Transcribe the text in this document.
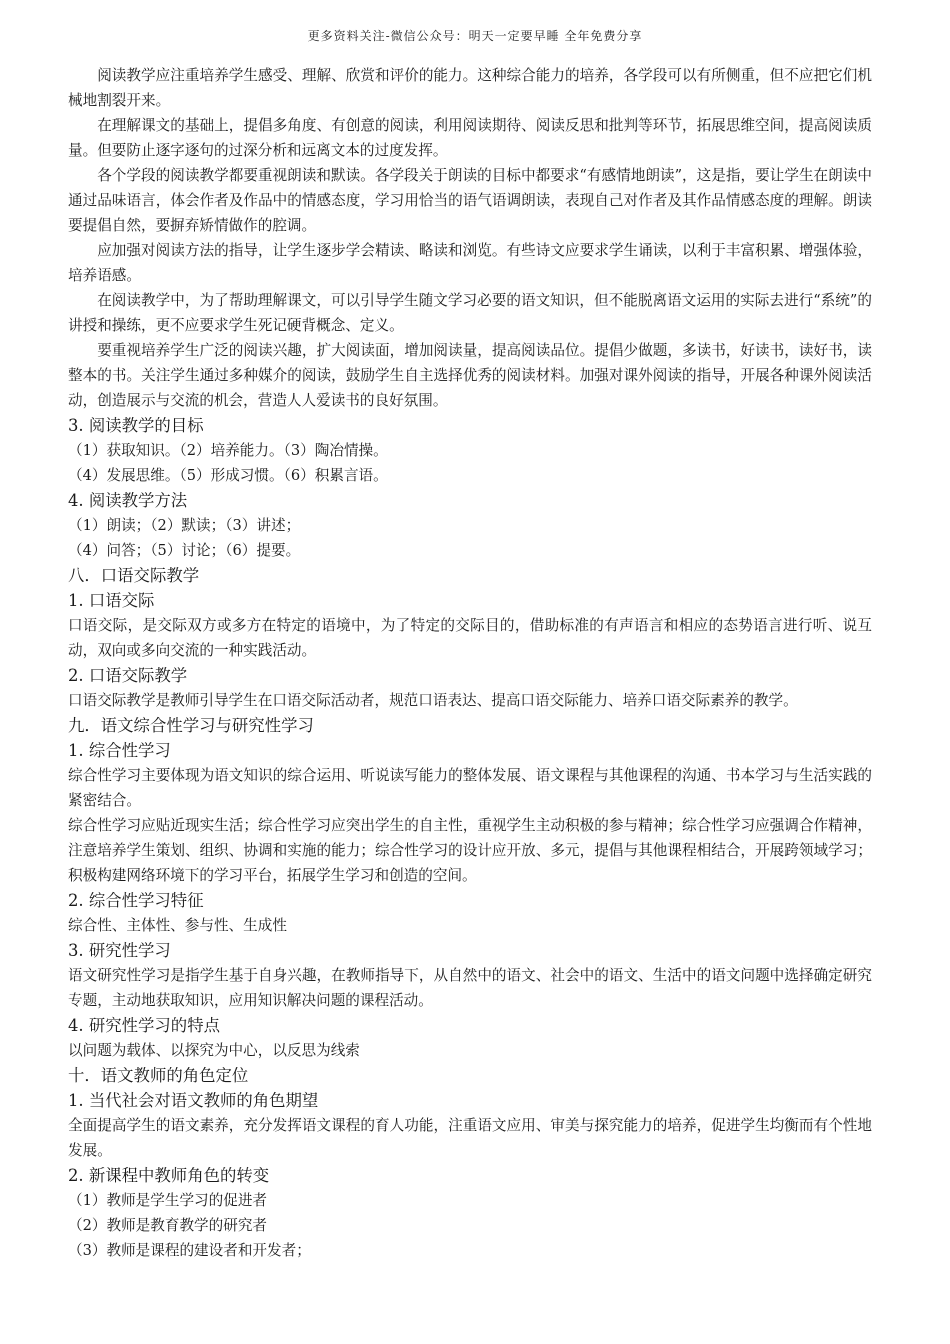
更多资料关注-微信公众号：明天一定要早睡 全年免费分享
阅读教学应注重培养学生感受、理解、欣赏和评价的能力。这种综合能力的培养，各学段可以有所侧重，但不应把它们机械地割裂开来。
在理解课文的基础上，提倡多角度、有创意的阅读，利用阅读期待、阅读反思和批判等环节，拓展思维空间，提高阅读质量。但要防止逐字逐句的过深分析和远离文本的过度发挥。
各个学段的阅读教学都要重视朗读和默读。各学段关于朗读的目标中都要求“有感情地朗读”，这是指，要让学生在朗读中通过品味语言，体会作者及作品中的情感态度，学习用恰当的语气语调朗读，表现自己对作者及其作品情感态度的理解。朗读要提倡自然，要摒弃矫情做作的腔调。
应加强对阅读方法的指导，让学生逐步学会精读、略读和浏览。有些诗文应要求学生诵读，以利于丰富积累、增强体验，培养语感。
在阅读教学中，为了帮助理解课文，可以引导学生随文学习必要的语文知识，但不能脱离语文运用的实际去进行“系统”的讲授和操练，更不应要求学生死记硬背概念、定义。
要重视培养学生广泛的阅读兴趣，扩大阅读面，增加阅读量，提高阅读品位。提倡少做题，多读书，好读书，读好书，读整本的书。关注学生通过多种媒介的阅读，鼓励学生自主选择优秀的阅读材料。加强对课外阅读的指导，开展各种课外阅读活动，创造展示与交流的机会，营造人人爱读书的良好氛围。
3. 阅读教学的目标
（1）获取知识。（2）培养能力。（3）陶冶情操。
（4）发展思维。（5）形成习惯。（6）积累言语。
4. 阅读教学方法
（1）朗读；（2）默读；（3）讲述；
（4）问答；（5）讨论；（6）提要。
八．口语交际教学
1. 口语交际
口语交际，是交际双方或多方在特定的语境中，为了特定的交际目的，借助标准的有声语言和相应的态势语言进行听、说互动，双向或多向交流的一种实践活动。
2. 口语交际教学
口语交际教学是教师引导学生在口语交际活动者，规范口语表达、提高口语交际能力、培养口语交际素养的教学。
九．语文综合性学习与研究性学习
1. 综合性学习
综合性学习主要体现为语文知识的综合运用、听说读写能力的整体发展、语文课程与其他课程的沟通、书本学习与生活实践的紧密结合。
综合性学习应贴近现实生活；综合性学习应突出学生的自主性，重视学生主动积极的参与精神；综合性学习应强调合作精神，注意培养学生策划、组织、协调和实施的能力；综合性学习的设计应开放、多元，提倡与其他课程相结合，开展跨领域学习；积极构建网络环境下的学习平台，拓展学生学习和创造的空间。
2. 综合性学习特征
综合性、主体性、参与性、生成性
3. 研究性学习
语文研究性学习是指学生基于自身兴趣，在教师指导下，从自然中的语文、社会中的语文、生活中的语文问题中选择确定研究专题，主动地获取知识，应用知识解决问题的课程活动。
4. 研究性学习的特点
以问题为载体、以探究为中心，以反思为线索
十．语文教师的角色定位
1. 当代社会对语文教师的角色期望
全面提高学生的语文素养，充分发挥语文课程的育人功能，注重语文应用、审美与探究能力的培养，促进学生均衡而有个性地发展。
2. 新课程中教师角色的转变
（1）教师是学生学习的促进者
（2）教师是教育教学的研究者
（3）教师是课程的建设者和开发者；
